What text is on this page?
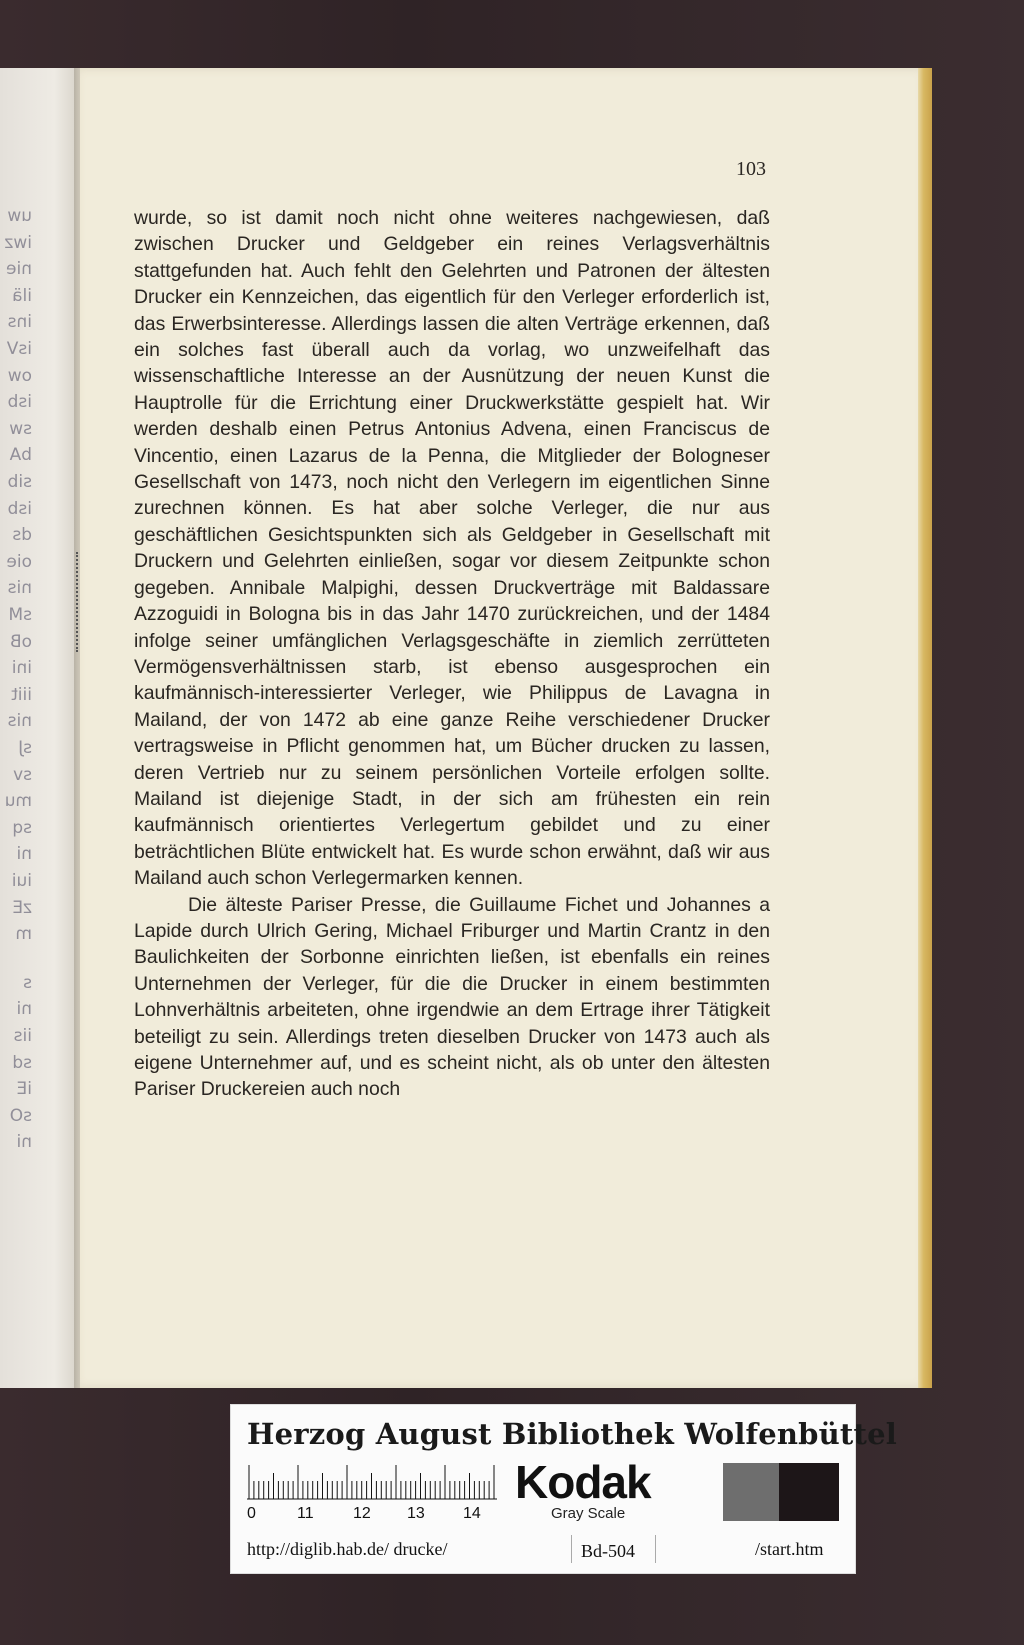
uw
iwz
nie
ilä
ins
isV
ow
isb
sw
bA
sib
isb
ds
oie
nis
sM
oB
ini
iiit
nis
sJ
sv
mu
sq
ni
iui
zE
m
s
ni
iis
sd
iE
sO
ni
103

wurde, so ist damit noch nicht ohne weiteres nachgewiesen, daß zwischen Drucker und Geldgeber ein reines Verlagsverhältnis stattgefunden hat. Auch fehlt den Gelehrten und Patronen der ältesten Drucker ein Kennzeichen, das eigentlich für den Verleger erforderlich ist, das Erwerbsinteresse. Allerdings lassen die alten Verträge erkennen, daß ein solches fast überall auch da vorlag, wo unzweifelhaft das wissenschaftliche Interesse an der Ausnützung der neuen Kunst die Hauptrolle für die Errichtung einer Druckwerkstätte gespielt hat. Wir werden deshalb einen Petrus Antonius Advena, einen Franciscus de Vincentio, einen Lazarus de la Penna, die Mitglieder der Bologneser Gesellschaft von 1473, noch nicht den Verlegern im eigentlichen Sinne zurechnen können. Es hat aber solche Verleger, die nur aus geschäftlichen Gesichtspunkten sich als Geldgeber in Gesellschaft mit Druckern und Gelehrten einließen, sogar vor diesem Zeitpunkte schon gegeben. Annibale Malpighi, dessen Druckverträge mit Baldassare Azzoguidi in Bologna bis in das Jahr 1470 zurückreichen, und der 1484 infolge seiner umfänglichen Verlagsgeschäfte in ziemlich zerrütteten Vermögensverhältnissen starb, ist ebenso ausgesprochen ein kaufmännisch-interessierter Verleger, wie Philippus de Lavagna in Mailand, der von 1472 ab eine ganze Reihe verschiedener Drucker vertragsweise in Pflicht genommen hat, um Bücher drucken zu lassen, deren Vertrieb nur zu seinem persönlichen Vorteile erfolgen sollte. Mailand ist diejenige Stadt, in der sich am frühesten ein rein kaufmännisch orientiertes Verlegertum gebildet und zu einer beträchtlichen Blüte entwickelt hat. Es wurde schon erwähnt, daß wir aus Mailand auch schon Verlegermarken kennen.

Die älteste Pariser Presse, die Guillaume Fichet und Johannes a Lapide durch Ulrich Gering, Michael Friburger und Martin Crantz in den Baulichkeiten der Sorbonne einrichten ließen, ist ebenfalls ein reines Unternehmen der Verleger, für die die Drucker in einem bestimmten Lohnverhältnis arbeiteten, ohne irgendwie an dem Ertrage ihrer Tätigkeit beteiligt zu sein. Allerdings treten dieselben Drucker von 1473 auch als eigene Unternehmer auf, und es scheint nicht, als ob unter den ältesten Pariser Druckereien auch noch

Herzog August Bibliothek Wolfenbüttel
0	11 12 13 14
Kodak
Gray Scale
http://diglib.hab.de/ drucke/	Bd-504	/start.htm
